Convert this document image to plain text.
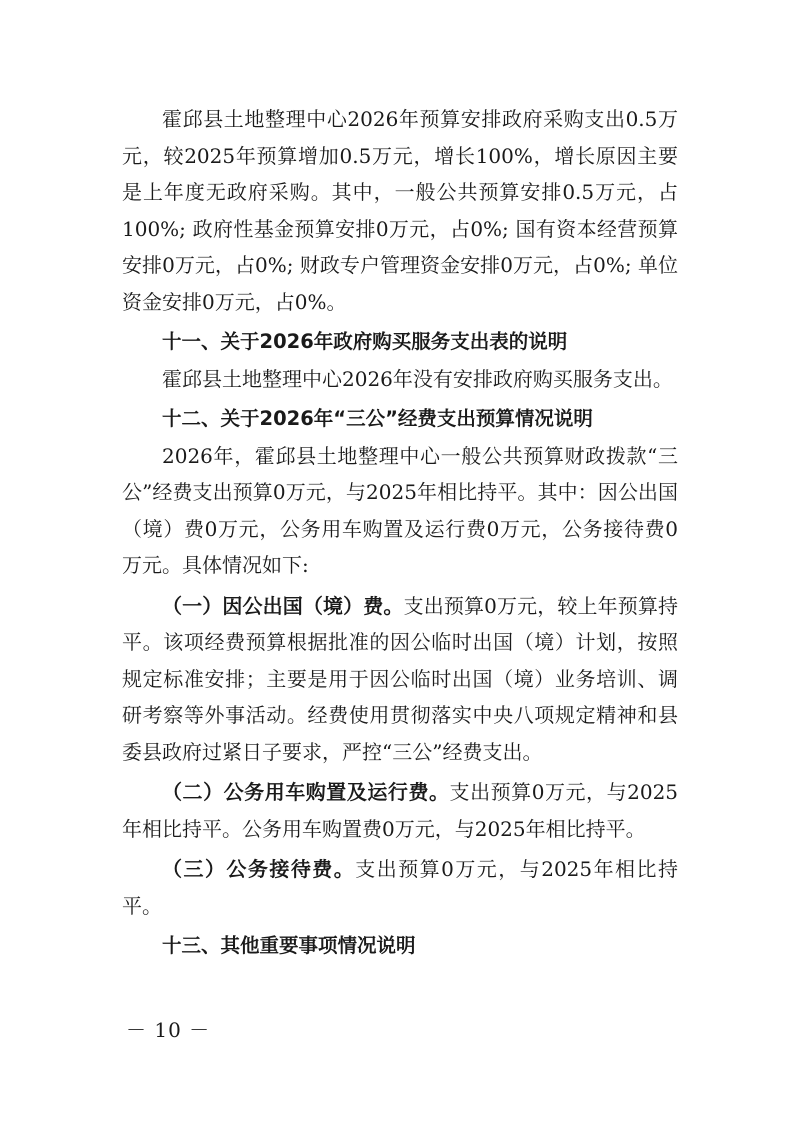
霍邱县土地整理中心2026年预算安排政府采购支出0.5万元，较2025年预算增加0.5万元，增长100%，增长原因主要是上年度无政府采购。其中，一般公共预算安排0.5万元，占100%; 政府性基金预算安排0万元，占0%; 国有资本经营预算安排0万元，占0%; 财政专户管理资金安排0万元，占0%; 单位资金安排0万元，占0%。

十一、关于2026年政府购买服务支出表的说明

霍邱县土地整理中心2026年没有安排政府购买服务支出。

十二、关于2026年“三公”经费支出预算情况说明

2026年，霍邱县土地整理中心一般公共预算财政拨款“三公”经费支出预算0万元，与2025年相比持平。其中：因公出国（境）费0万元，公务用车购置及运行费0万元，公务接待费0万元。具体情况如下:

（一）因公出国（境）费。支出预算0万元，较上年预算持平。该项经费预算根据批准的因公临时出国（境）计划，按照规定标准安排；主要是用于因公临时出国（境）业务培训、调研考察等外事活动。经费使用贯彻落实中央八项规定精神和县委县政府过紧日子要求，严控“三公”经费支出。

（二）公务用车购置及运行费。支出预算0万元，与2025年相比持平。公务用车购置费0万元，与2025年相比持平。

（三）公务接待费。支出预算0万元，与2025年相比持平。

十三、其他重要事项情况说明

－ 10 －
